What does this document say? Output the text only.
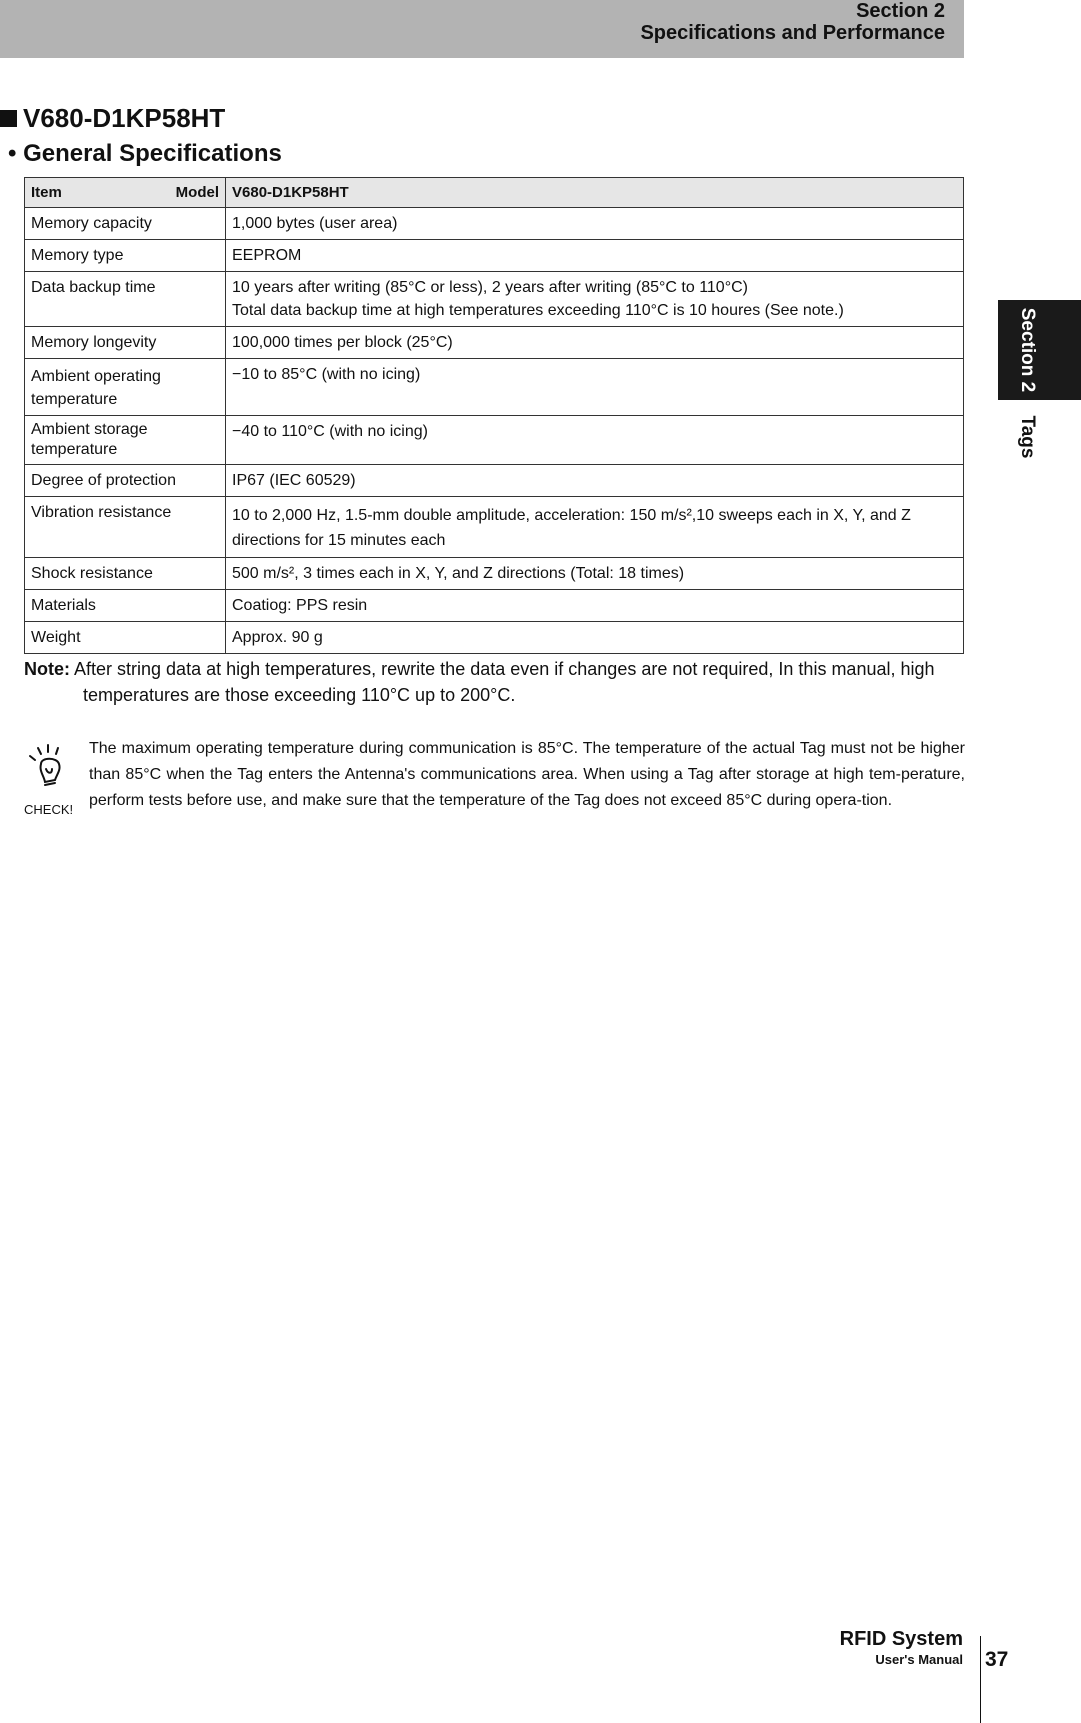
Section 2
Specifications and Performance
Section 2
Tags
V680-D1KP58HT
• General Specifications
Item Model	V680-D1KP58HT
Memory capacity	1,000 bytes (user area)
Memory type	EEPROM
Data backup time	10 years after writing (85°C or less), 2 years after writing (85°C to 110°C)
Total data backup time at high temperatures exceeding 110°C is 10 houres (See note.)

Memory longevity	100,000 times per block (25°C)
Ambient operating temperature	−10 to 85°C (with no icing)
Ambient storage temperature	−40 to 110°C (with no icing)
Degree of protection	IP67 (IEC 60529)
Vibration resistance	10 to 2,000 Hz, 1.5-mm double amplitude, acceleration: 150 m/s²,10 sweeps each in X, Y, and Z directions for 15 minutes each
Shock resistance	500 m/s², 3 times each in X, Y, and Z directions (Total: 18 times)
Materials	Coatiog: PPS resin
Weight	Approx. 90 g
Note: After string data at high temperatures, rewrite the data even if changes are not required, In this manual, high
temperatures are those exceeding 110°C up to 200°C.
CHECK!
The maximum operating temperature during communication is 85°C. The temperature of the actual Tag must not be higher than 85°C when the Tag enters the Antenna's communications area. When using a Tag after storage at high tem-perature, perform tests before use, and make sure that the temperature of the Tag does not exceed 85°C during opera-tion.
RFID System
User's Manual 37
